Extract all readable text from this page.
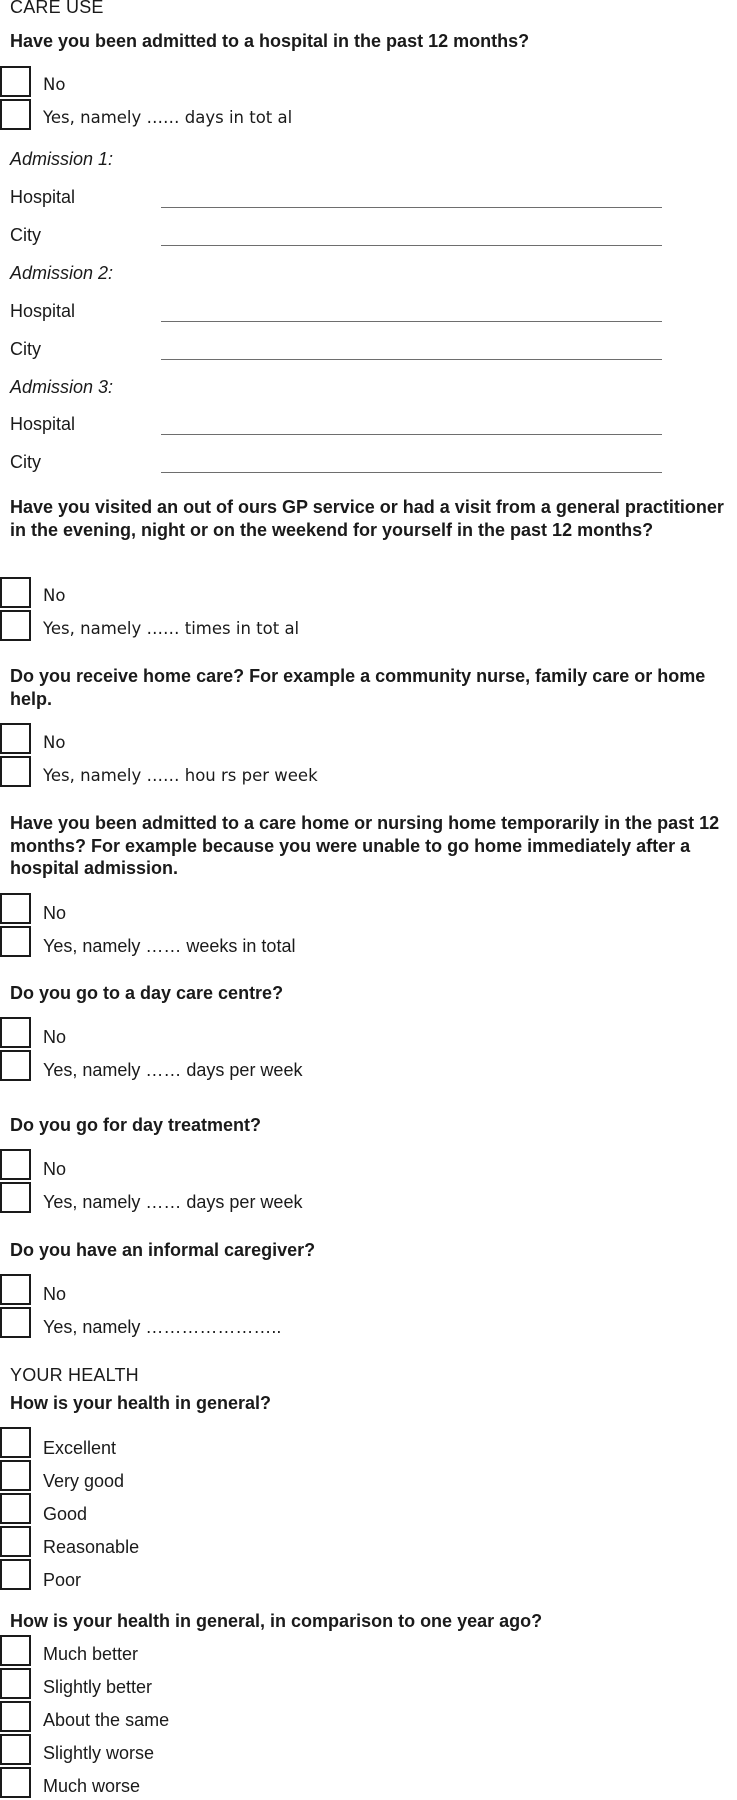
CARE USE
Have you been admitted to a hospital in the past 12 months?
No
Yes, namely …… days in tot al
Admission 1:
Hospital
City
Admission 2:
Hospital
City
Admission 3:
Hospital
City
Have you visited an out of ours GP service or had a visit from a general practitioner in the evening, night or on the weekend for yourself in the past 12 months?
No
Yes, namely …… times in tot al
Do you receive home care? For example a community nurse, family care or home help.
No
Yes, namely …… hou rs per week
Have you been admitted to a care home or nursing home temporarily in the past 12 months? For example because you were unable to go home immediately after a hospital admission.
No
Yes, namely …… weeks in total
Do you go to a day care centre?
No
Yes, namely …… days per week
Do you go for day treatment?
No
Yes, namely …… days per week
Do you have an informal caregiver?
No
Yes, namely …………………..
YOUR HEALTH
How is your health in general?
Excellent
Very good
Good
Reasonable
Poor
How is your health in general, in comparison to one year ago?
Much better
Slightly better
About the same
Slightly worse
Much worse
